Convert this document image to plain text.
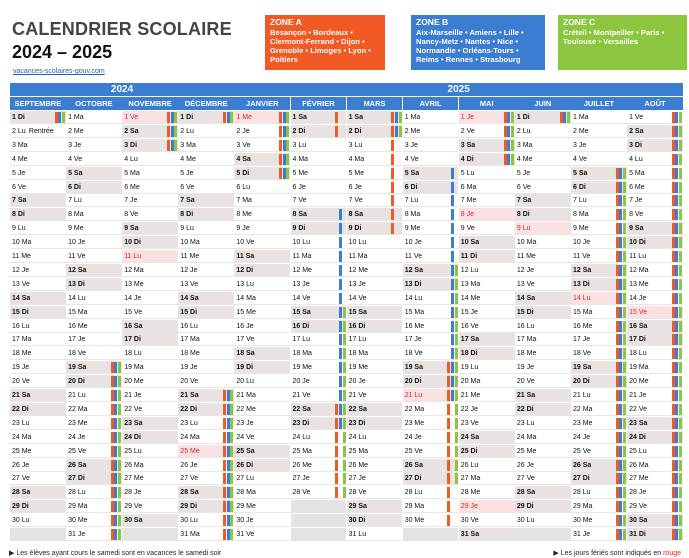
CALENDRIER SCOLAIRE
2024 – 2025
vacances-scolaires-gouv.com
ZONE A
Besançon • Bordeaux • Clermont-Ferrand • Dijon • Grenoble • Limoges • Lyon • Poitiers
ZONE B
Aix-Marseille • Amiens • Lille • Nancy-Metz • Nantes • Nice • Normandie • Orléans-Tours • Reims • Rennes • Strasbourg
ZONE C
Créteil • Montpellier • Paris • Toulouse • Versailles
2024	2025
SEPTEMBRE
1 Di
2 Lu Rentrée
3 Ma
4 Me
5 Je
6 Ve
7 Sa
8 Di
9 Lu
10 Ma
11 Me
12 Je
13 Ve
14 Sa
15 Di
16 Lu
17 Ma
18 Me
19 Je
20 Ve
21 Sa
22 Di
23 Lu
24 Ma
25 Me
26 Je
27 Ve
28 Sa
29 Di
30 Lu
OCTOBRE
1 Ma
2 Me
3 Je
4 Ve
5 Sa
6 Di
7 Lu
8 Ma
9 Me
10 Je
11 Ve
12 Sa
13 Di
14 Lu
15 Ma
16 Me
17 Je
18 Ve
19 Sa
20 Di
21 Lu
22 Ma
23 Me
24 Je
25 Ve
26 Sa
27 Di
28 Lu
29 Ma
30 Me
31 Je
NOVEMBRE
1 Ve
2 Sa
3 Di
4 Lu
5 Ma
6 Me
7 Je
8 Ve
9 Sa
10 Di
11 Lu
12 Ma
13 Me
14 Je
15 Ve
16 Sa
17 Di
18 Lu
19 Ma
20 Me
21 Je
22 Ve
23 Sa
24 Di
25 Lu
26 Ma
27 Me
28 Je
29 Ve
30 Sa
DÉCEMBRE
1 Di
2 Lu
3 Ma
4 Me
5 Je
6 Ve
7 Sa
8 Di
9 Lu
10 Ma
11 Me
12 Je
13 Ve
14 Sa
15 Di
16 Lu
17 Ma
18 Me
19 Je
20 Ve
21 Sa
22 Di
23 Lu
24 Ma
25 Me
26 Je
27 Ve
28 Sa
29 Di
30 Lu
31 Ma
JANVIER
1 Me
2 Je
3 Ve
4 Sa
5 Di
6 Lu
7 Ma
8 Me
9 Je
10 Ve
11 Sa
12 Di
13 Lu
14 Ma
15 Me
16 Je
17 Ve
18 Sa
19 Di
20 Lu
21 Ma
22 Me
23 Je
24 Ve
25 Sa
26 Di
27 Lu
28 Ma
29 Me
30 Je
31 Ve
FÉVRIER
1 Sa
2 Di
3 Lu
4 Ma
5 Me
6 Je
7 Ve
8 Sa
9 Di
10 Lu
11 Ma
12 Me
13 Je
14 Ve
15 Sa
16 Di
17 Lu
18 Ma
19 Me
20 Je
21 Ve
22 Sa
23 Di
24 Lu
25 Ma
26 Me
27 Je
28 Ve
MARS
1 Sa
2 Di
3 Lu
4 Ma
5 Me
6 Je
7 Ve
8 Sa
9 Di
10 Lu
11 Ma
12 Me
13 Je
14 Ve
15 Sa
16 Di
17 Lu
18 Ma
19 Me
20 Je
21 Ve
22 Sa
23 Di
24 Lu
25 Ma
26 Me
27 Je
28 Ve
29 Sa
30 Di
31 Lu
AVRIL
1 Ma
2 Me
3 Je
4 Ve
5 Sa
6 Di
7 Lu
8 Ma
9 Me
10 Je
11 Ve
12 Sa
13 Di
14 Lu
15 Ma
16 Me
17 Je
18 Ve
19 Sa
20 Di
21 Lu
22 Ma
23 Me
24 Je
25 Ve
26 Sa
27 Di
28 Lu
29 Ma
30 Me
MAI
1 Je
2 Ve
3 Sa
4 Di
5 Lu
6 Ma
7 Me
8 Je
9 Ve
10 Sa
11 Di
12 Lu
13 Ma
14 Me
15 Je
16 Ve
17 Sa
18 Di
19 Lu
20 Ma
21 Me
22 Je
23 Ve
24 Sa
25 Di
26 Lu
27 Ma
28 Me
29 Je
30 Ve
31 Sa
JUIN
1 Di
2 Lu
3 Ma
4 Me
5 Je
6 Ve
7 Sa
8 Di
9 Lu
10 Ma
11 Me
12 Je
13 Ve
14 Sa
15 Di
16 Lu
17 Ma
18 Me
19 Je
20 Ve
21 Sa
22 Di
23 Lu
24 Ma
25 Me
26 Je
27 Ve
28 Sa
29 Di
30 Lu
JUILLET
1 Ma
2 Me
3 Je
4 Ve
5 Sa
6 Di
7 Lu
8 Ma
9 Me
10 Je
11 Ve
12 Sa
13 Di
14 Lu
15 Ma
16 Me
17 Je
18 Ve
19 Sa
20 Di
21 Lu
22 Ma
23 Me
24 Je
25 Ve
26 Sa
27 Di
28 Lu
29 Ma
30 Me
31 Je
AOÛT
1 Ve
2 Sa
3 Di
4 Lu
5 Ma
6 Me
7 Je
8 Ve
9 Sa
10 Di
11 Lu
12 Ma
13 Me
14 Je
15 Ve
16 Sa
17 Di
18 Lu
19 Ma
20 Me
21 Je
22 Ve
23 Sa
24 Di
25 Lu
26 Ma
27 Me
28 Je
29 Ve
30 Sa
31 Di
▶ Les élèves ayant cours le samedi sont en vacances le samedi soir	▶ Les jours fériés sont indiqués en rouge
